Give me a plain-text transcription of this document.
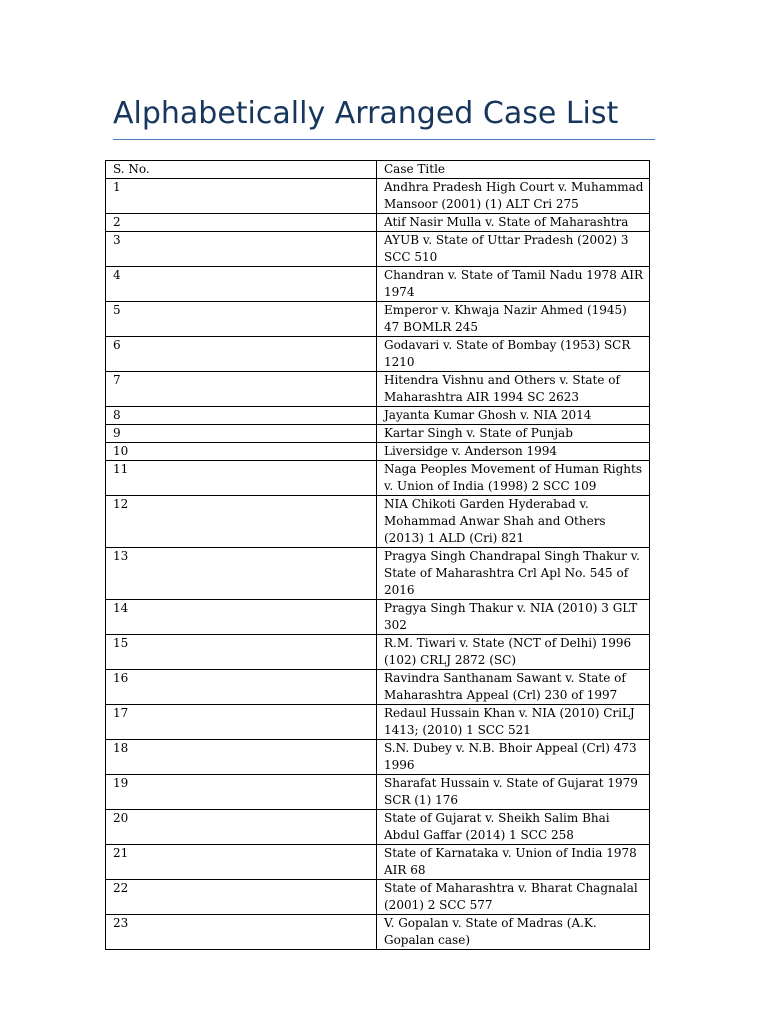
Alphabetically Arranged Case List
S. No.	Case Title
1	Andhra Pradesh High Court v. Muhammad Mansoor (2001) (1) ALT Cri 275
2	Atif Nasir Mulla v. State of Maharashtra
3	AYUB v. State of Uttar Pradesh (2002) 3 SCC 510
4	Chandran v. State of Tamil Nadu 1978 AIR 1974
5	Emperor v. Khwaja Nazir Ahmed (1945) 47 BOMLR 245
6	Godavari v. State of Bombay (1953) SCR 1210
7	Hitendra Vishnu and Others v. State of Maharashtra AIR 1994 SC 2623
8	Jayanta Kumar Ghosh v. NIA 2014
9	Kartar Singh v. State of Punjab
10	Liversidge v. Anderson 1994
11	Naga Peoples Movement of Human Rights v. Union of India (1998) 2 SCC 109
12	NIA Chikoti Garden Hyderabad v. Mohammad Anwar Shah and Others (2013) 1 ALD (Cri) 821
13	Pragya Singh Chandrapal Singh Thakur v. State of Maharashtra Crl Apl No. 545 of 2016
14	Pragya Singh Thakur v. NIA (2010) 3 GLT 302
15	R.M. Tiwari v. State (NCT of Delhi) 1996 (102) CRLJ 2872 (SC)
16	Ravindra Santhanam Sawant v. State of Maharashtra Appeal (Crl) 230 of 1997
17	Redaul Hussain Khan v. NIA (2010) CriLJ 1413; (2010) 1 SCC 521
18	S.N. Dubey v. N.B. Bhoir Appeal (Crl) 473 1996
19	Sharafat Hussain v. State of Gujarat 1979 SCR (1) 176
20	State of Gujarat v. Sheikh Salim Bhai Abdul Gaffar (2014) 1 SCC 258
21	State of Karnataka v. Union of India 1978 AIR 68
22	State of Maharashtra v. Bharat Chagnalal (2001) 2 SCC 577
23	V. Gopalan v. State of Madras (A.K. Gopalan case)
